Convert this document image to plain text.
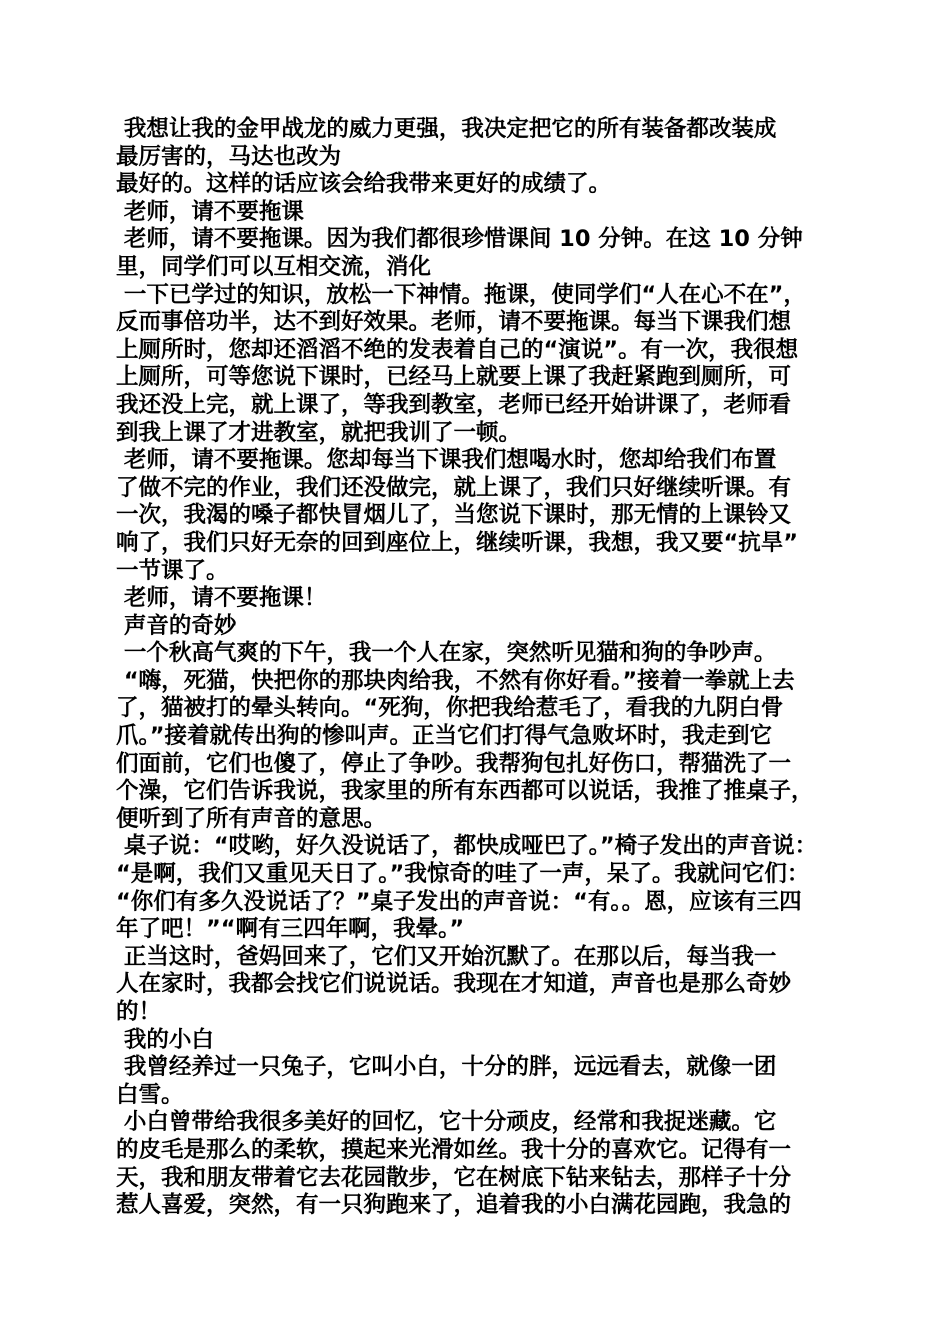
我想让我的金甲战龙的威力更强，我决定把它的所有装备都改装成
最厉害的，马达也改为
最好的。这样的话应该会给我带来更好的成绩了。
老师，请不要拖课
老师，请不要拖课。因为我们都很珍惜课间 10 分钟。在这 10 分钟
里，同学们可以互相交流，消化
一下已学过的知识，放松一下神情。拖课，使同学们“人在心不在”，
反而事倍功半，达不到好效果。老师，请不要拖课。每当下课我们想
上厕所时，您却还滔滔不绝的发表着自己的“演说”。有一次，我很想
上厕所，可等您说下课时，已经马上就要上课了我赶紧跑到厕所，可
我还没上完，就上课了，等我到教室，老师已经开始讲课了，老师看
到我上课了才进教室，就把我训了一顿。
老师，请不要拖课。您却每当下课我们想喝水时，您却给我们布置
了做不完的作业，我们还没做完，就上课了，我们只好继续听课。有
一次，我渴的嗓子都快冒烟儿了，当您说下课时，那无情的上课铃又
响了，我们只好无奈的回到座位上，继续听课，我想，我又要“抗旱”
一节课了。
老师，请不要拖课！
声音的奇妙
一个秋高气爽的下午，我一个人在家，突然听见猫和狗的争吵声。
“嗨，死猫，快把你的那块肉给我，不然有你好看。”接着一拳就上去
了，猫被打的晕头转向。“死狗，你把我给惹毛了，看我的九阴白骨
爪。”接着就传出狗的惨叫声。正当它们打得气急败坏时，我走到它
们面前，它们也傻了，停止了争吵。我帮狗包扎好伤口，帮猫洗了一
个澡，它们告诉我说，我家里的所有东西都可以说话，我推了推桌子，
便听到了所有声音的意思。
桌子说：“哎哟，好久没说话了，都快成哑巴了。”椅子发出的声音说：
“是啊，我们又重见天日了。”我惊奇的哇了一声，呆了。我就问它们：
“你们有多久没说话了？”桌子发出的声音说：“有。。恩，应该有三四
年了吧！”“啊有三四年啊，我晕。”
正当这时，爸妈回来了，它们又开始沉默了。在那以后，每当我一
人在家时，我都会找它们说说话。我现在才知道，声音也是那么奇妙
的！
我的小白
我曾经养过一只兔子，它叫小白，十分的胖，远远看去，就像一团
白雪。
小白曾带给我很多美好的回忆，它十分顽皮，经常和我捉迷藏。它
的皮毛是那么的柔软，摸起来光滑如丝。我十分的喜欢它。记得有一
天，我和朋友带着它去花园散步，它在树底下钻来钻去，那样子十分
惹人喜爱，突然，有一只狗跑来了，追着我的小白满花园跑，我急的
